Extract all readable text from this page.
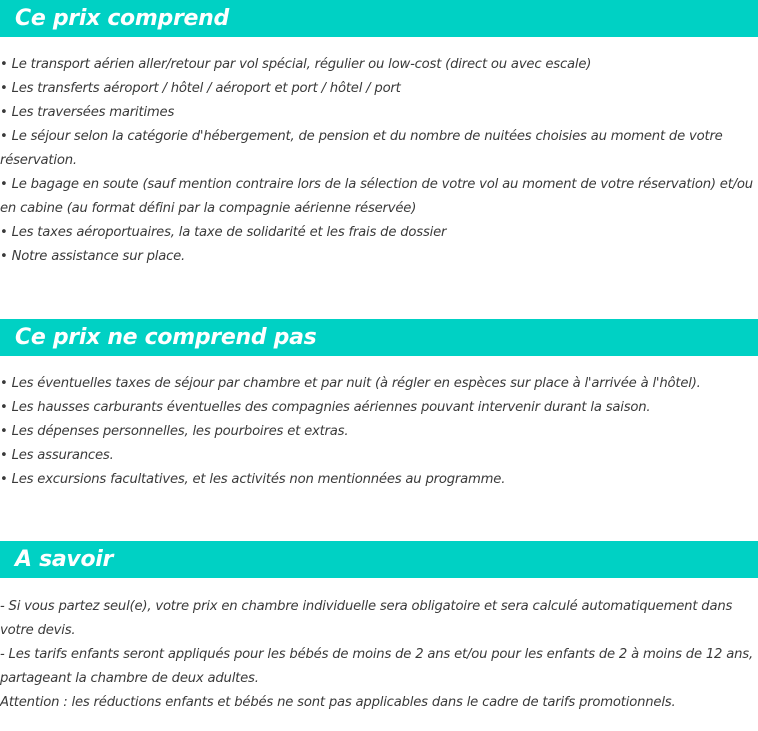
Ce prix comprend
• Le transport aérien aller/retour par vol spécial, régulier ou low-cost (direct ou avec escale)
• Les transferts aéroport / hôtel / aéroport et port / hôtel / port
• Les traversées maritimes
• Le séjour selon la catégorie d'hébergement, de pension et du nombre de nuitées choisies au moment de votre réservation.
• Le bagage en soute (sauf mention contraire lors de la sélection de votre vol au moment de votre réservation) et/ou en cabine (au format défini par la compagnie aérienne réservée)
• Les taxes aéroportuaires, la taxe de solidarité et les frais de dossier
• Notre assistance sur place.
Ce prix ne comprend pas
• Les éventuelles taxes de séjour par chambre et par nuit (à régler en espèces sur place à l'arrivée à l'hôtel).
• Les hausses carburants éventuelles des compagnies aériennes pouvant intervenir durant la saison.
• Les dépenses personnelles, les pourboires et extras.
• Les assurances.
• Les excursions facultatives, et les activités non mentionnées au programme.
A savoir
- Si vous partez seul(e), votre prix en chambre individuelle sera obligatoire et sera calculé automatiquement dans votre devis.
- Les tarifs enfants seront appliqués pour les bébés de moins de 2 ans et/ou pour les enfants de 2 à moins de 12 ans, partageant la chambre de deux adultes.
Attention : les réductions enfants et bébés ne sont pas applicables dans le cadre de tarifs promotionnels.
